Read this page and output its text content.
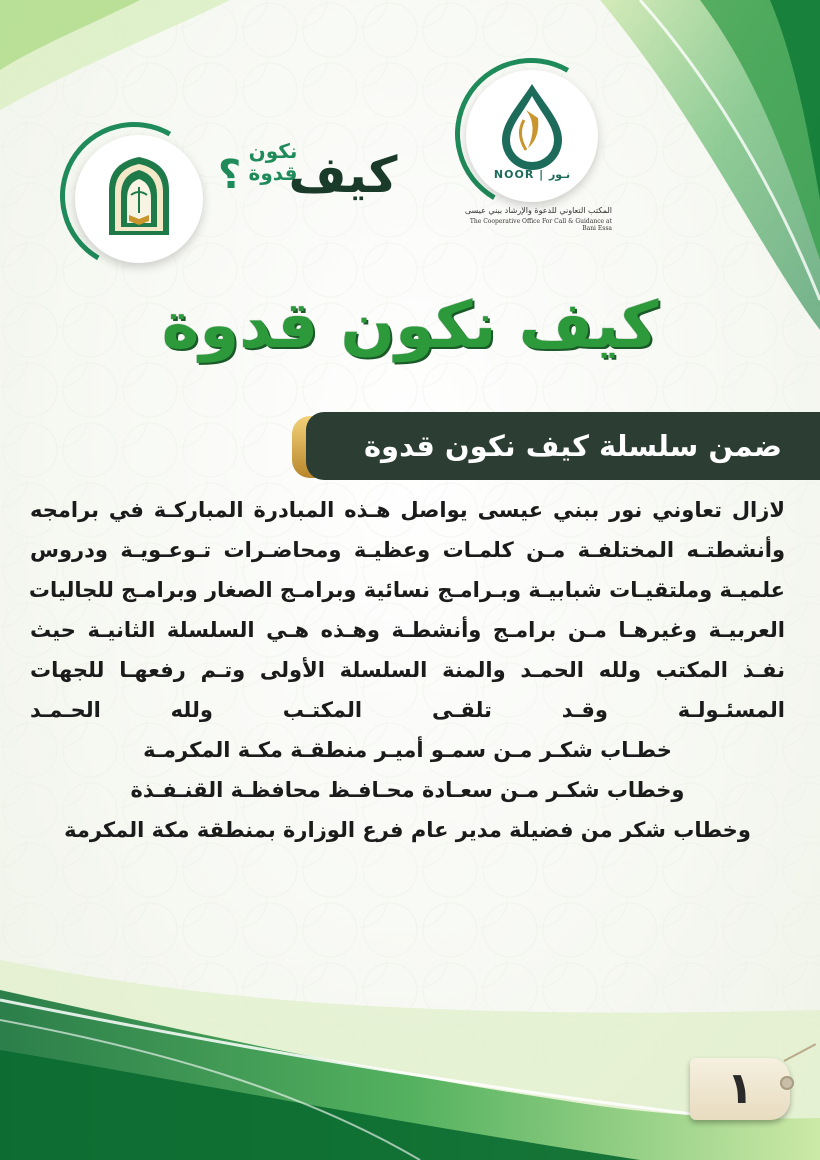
؟
نكون قدوة
كيف	NOOR | نـور
المكتب التعاوني للدعوة والإرشاد ببني عيسى
The Cooperative Office For Call & Guidance at Bani Essa
كيف نكون قدوة
ضمن سلسلة كيف نكون قدوة

لازال تعاوني نور ببني عيسى يواصل هـذه المبادرة المباركـة في برامجه

وأنشطتـه المختلفـة مـن كلمـات وعظيـة ومحاضـرات تـوعـويـة ودروس

علميـة وملتقيـات شبابيـة وبـرامـج نسائية وبرامـج الصغار وبرامـج للجاليات

العربيـة وغيرهـا مـن برامـج وأنشطـة وهـذه هـي السلسلة الثانيـة حيث

نفـذ المكتب ولله الحمـد والمنة السلسلة الأولى وتـم رفعهـا للجهات

المسئـولـة وقـد تلقـى المكتـب ولله الحـمـد

خطـاب شكـر مـن سمـو أميـر منطقـة مكـة المكرمـة

وخطاب شكـر مـن سعـادة محـافـظ محافظـة القنـفـذة

وخطاب شكر من فضيلة مدير عام فرع الوزارة بمنطقة مكة المكرمة

١
